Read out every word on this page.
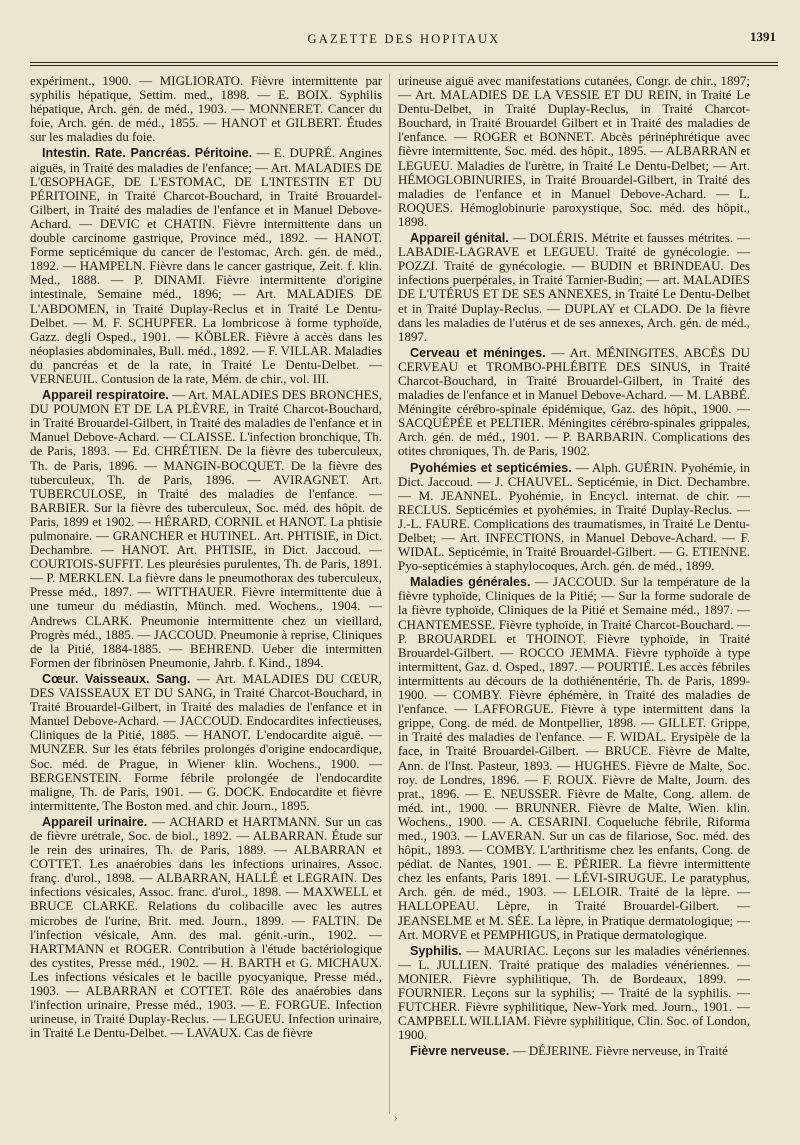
GAZETTE DES HOPITAUX	1391

expériment., 1900. — MIGLIORATO. Fièvre intermittente par syphilis hépatique, Settim. med., 1898. — E. BOIX. Syphilis hépatique, Arch. gén. de méd., 1903. — MONNERET. Cancer du foie, Arch. gén. de méd., 1855. — HANOT et GILBERT. Études sur les maladies du foie.

Intestin. Rate. Pancréas. Péritoine. — E. DUPRÉ. Angines aiguës, in Traité des maladies de l'enfance; — Art. MALADIES DE L'ŒSOPHAGE, DE L'ESTOMAC, DE L'INTESTIN ET DU PÉRITOINE, in Traité Charcot-Bouchard, in Traité Brouardel-Gilbert, in Traité des maladies de l'enfance et in Manuel Debove-Achard. — DEVIC et CHATIN. Fièvre intermittente dans un double carcinome gastrique, Province méd., 1892. — HANOT. Forme septicémique du cancer de l'estomac, Arch. gén. de méd., 1892. — HAMPELN. Fièvre dans le cancer gastrique, Zeit. f. klin. Med., 1888. — P. DINAMI. Fièvre intermittente d'origine intestinale, Semaine méd., 1896; — Art. MALADIES DE L'ABDOMEN, in Traité Duplay-Reclus et in Traité Le Dentu-Delbet. — M. F. SCHUPFER. La lombricose à forme typhoïde, Gazz. degli Osped., 1901. — KÖBLER. Fièvre à accès dans les néoplasies abdominales, Bull. méd., 1892. — F. VILLAR. Maladies du pancréas et de la rate, in Traité Le Dentu-Delbet. — VERNEUIL. Contusion de la rate, Mém. de chir., vol. III.

Appareil respiratoire. — Art. MALADIES DES BRONCHES, DU POUMON ET DE LA PLÈVRE, in Traité Charcot-Bouchard, in Traité Brouardel-Gilbert, in Traité des maladies de l'enfance et in Manuel Debove-Achard. — CLAISSE. L'infection bronchique, Th. de Paris, 1893. — Ed. CHRÉTIEN. De la fièvre des tuberculeux, Th. de Paris, 1896. — MANGIN-BOCQUET. De la fièvre des tuberculeux, Th. de Paris, 1896. — AVIRAGNET. Art. TUBERCULOSE, in Traité des maladies de l'enfance. — BARBIER. Sur la fièvre des tuberculeux, Soc. méd. des hôpit. de Paris, 1899 et 1902. — HÉRARD, CORNIL et HANOT. La phtisie pulmonaire. — GRANCHER et HUTINEL. Art. PHTISIE, in Dict. Dechambre. — HANOT. Art. PHTISIE, in Dict. Jaccoud. — COURTOIS-SUFFIT. Les pleurésies purulentes, Th. de Paris, 1891. — P. MERKLEN. La fièvre dans le pneumothorax des tuberculeux, Presse méd., 1897. — WITTHAUER. Fièvre intermittente due à une tumeur du médiastin, Münch. med. Wochens., 1904. — Andrews CLARK. Pneumonie intermittente chez un vieillard, Progrès méd., 1885. — JACCOUD. Pneumonie à reprise, Cliniques de la Pitié, 1884-1885. — BEHREND. Ueber die intermitten Formen der fibrinösen Pneumonie, Jahrb. f. Kind., 1894.

Cœur. Vaisseaux. Sang. — Art. MALADIES DU CŒUR, DES VAISSEAUX ET DU SANG, in Traité Charcot-Bouchard, in Traité Brouardel-Gilbert, in Traité des maladies de l'enfance et in Manuel Debove-Achard. — JACCOUD. Endocardites infectieuses, Cliniques de la Pitié, 1885. — HANOT. L'endocardite aiguë. — MUNZER. Sur les états fébriles prolongés d'origine endocardique, Soc. méd. de Prague, in Wiener klin. Wochens., 1900. — BERGENSTEIN. Forme fébrile prolongée de l'endocardite maligne, Th. de Paris, 1901. — G. DOCK. Endocardite et fièvre intermittente, The Boston med. and chir. Journ., 1895.

Appareil urinaire. — ACHARD et HARTMANN. Sur un cas de fièvre urétrale, Soc. de biol., 1892. — ALBARRAN. Étude sur le rein des urinaires, Th. de Paris, 1889. — ALBARRAN et COTTET. Les anaérobies dans les infections urinaires, Assoc. franç. d'urol., 1898. — ALBARRAN, HALLÉ et LEGRAIN. Des infections vésicales, Assoc. franc. d'urol., 1898. — MAXWELL et BRUCE CLARKE. Relations du colibacille avec les autres microbes de l'urine, Brit. med. Journ., 1899. — FALTIN. De l'infection vésicale, Ann. des mal. génit.-urin., 1902. — HARTMANN et ROGER. Contribution à l'étude bactériologique des cystites, Presse méd., 1902. — H. BARTH et G. MICHAUX. Les infections vésicales et le bacille pyocyanique, Presse méd., 1903. — ALBARRAN et COTTET. Rôle des anaérobies dans l'infection urinaire, Presse méd., 1903. — E. FORGUE. Infection urineuse, in Traité Duplay-Reclus. — LEGUEU. Infection urinaire, in Traité Le Dentu-Delbet. — LAVAUX. Cas de fièvre

urineuse aiguë avec manifestations cutanées, Congr. de chir., 1897; — Art. MALADIES DE LA VESSIE ET DU REIN, in Traité Le Dentu-Delbet, in Traité Duplay-Reclus, in Traité Charcot-Bouchard, in Traité Brouardel Gilbert et in Traité des maladies de l'enfance. — ROGER et BONNET. Abcès périnéphrétique avec fièvre intermittente, Soc. méd. des hôpit., 1895. — ALBARRAN et LEGUEU. Maladies de l'urètre, in Traité Le Dentu-Delbet; — Art. HÉMOGLOBINURIES, in Traité Brouardel-Gilbert, in Traité des maladies de l'enfance et in Manuel Debove-Achard. — L. ROQUES. Hémoglobinurie paroxystique, Soc. méd. des hôpit., 1898.

Appareil génital. — DOLÉRIS. Métrite et fausses métrites. — LABADIE-LAGRAVE et LEGUEU. Traité de gynécologie. — POZZI. Traité de gynécologie. — BUDIN et BRINDEAU. Des infections puerpérales, in Traité Tarnier-Budin; — art. MALADIES DE L'UTÉRUS ET DE SES ANNEXES, in Traité Le Dentu-Delbet et in Traité Duplay-Reclus. — DUPLAY et CLADO. De la fièvre dans les maladies de l'utérus et de ses annexes, Arch. gén. de méd., 1897.

Cerveau et méninges. — Art. MÉNINGITES. ABCÈS DU CERVEAU et TROMBO-PHLÉBITE DES SINUS, in Traité Charcot-Bouchard, in Traité Brouardel-Gilbert, in Traité des maladies de l'enfance et in Manuel Debove-Achard. — M. LABBÉ. Méningite cérébro-spinale épidémique, Gaz. des hôpit., 1900. — SACQUÉPÉE et PELTIER. Méningites cérébro-spinales grippales, Arch. gén. de méd., 1901. — P. BARBARIN. Complications des otites chroniques, Th. de Paris, 1902.

Pyohémies et septicémies. — Alph. GUÉRIN. Pyohémie, in Dict. Jaccoud. — J. CHAUVEL. Septicémie, in Dict. Dechambre. — M. JEANNEL. Pyohémie, in Encycl. internat. de chir. — RECLUS. Septicémies et pyohémies, in Traité Duplay-Reclus. — J.-L. FAURE. Complications des traumatismes, in Traité Le Dentu-Delbet; — Art. INFECTIONS, in Manuel Debove-Achard. — F. WIDAL. Septicémie, in Traité Brouardel-Gilbert. — G. ETIENNE. Pyo-septicémies à staphylocoques, Arch. gén. de méd., 1899.

Maladies générales. — JACCOUD. Sur la température de la fièvre typhoïde, Cliniques de la Pitié; — Sur la forme sudorale de la fièvre typhoïde, Cliniques de la Pitié et Semaine méd., 1897. — CHANTEMESSE. Fièvre typhoïde, in Traité Charcot-Bouchard. — P. BROUARDEL et THOINOT. Fièvre typhoïde, in Traité Brouardel-Gilbert. — ROCCO JEMMA. Fièvre typhoïde à type intermittent, Gaz. d. Osped., 1897. — POURTIÉ. Les accès fébriles intermittents au décours de la dothiénentérie, Th. de Paris, 1899-1900. — COMBY. Fièvre éphémère, in Traité des maladies de l'enfance. — LAFFORGUE. Fièvre à type intermittent dans la grippe, Cong. de méd. de Montpellier, 1898. — GILLET. Grippe, in Traité des maladies de l'enfance. — F. WIDAL. Erysipèle de la face, in Traité Brouardel-Gilbert. — BRUCE. Fièvre de Malte, Ann. de l'Inst. Pasteur, 1893. — HUGHES. Fièvre de Malte, Soc. roy. de Londres, 1896. — F. ROUX. Fièvre de Malte, Journ. des prat., 1896. — E. NEUSSER. Fièvre de Malte, Cong. allem. de méd. int., 1900. — BRUNNER. Fièvre de Malte, Wien. klin. Wochens., 1900. — A. CESARINI. Coqueluche fébrile, Riforma med., 1903. — LAVERAN. Sur un cas de filariose, Soc. méd. des hôpit., 1893. — COMBY. L'arthritisme chez les enfants, Cong. de pédiat. de Nantes, 1901. — E. PÉRIER. La fièvre intermittente chez les enfants, Paris 1891. — LÉVI-SIRUGUE. Le paratyphus, Arch. gén. de méd., 1903. — LELOIR. Traité de la lèpre. — HALLOPEAU. Lèpre, in Traité Brouardel-Gilbert. — JEANSELME et M. SÉE. La lèpre, in Pratique dermatologique; — Art. MORVE et PEMPHIGUS, in Pratique dermatologique.

Syphilis. — MAURIAC. Leçons sur les maladies vénériennes. — L. JULLIEN. Traité pratique des maladies vénériennes. — MONIER. Fièvre syphilitique, Th. de Bordeaux, 1899. — FOURNIER. Leçons sur la syphilis; — Traité de la syphilis. — FUTCHER. Fièvre syphilitique, New-York med. Journ., 1901. — CAMPBELL WILLIAM. Fièvre syphilitique, Clin. Soc. of London, 1900.

Fièvre nerveuse. — DÉJERINE. Fièvre nerveuse, in Traité

›
